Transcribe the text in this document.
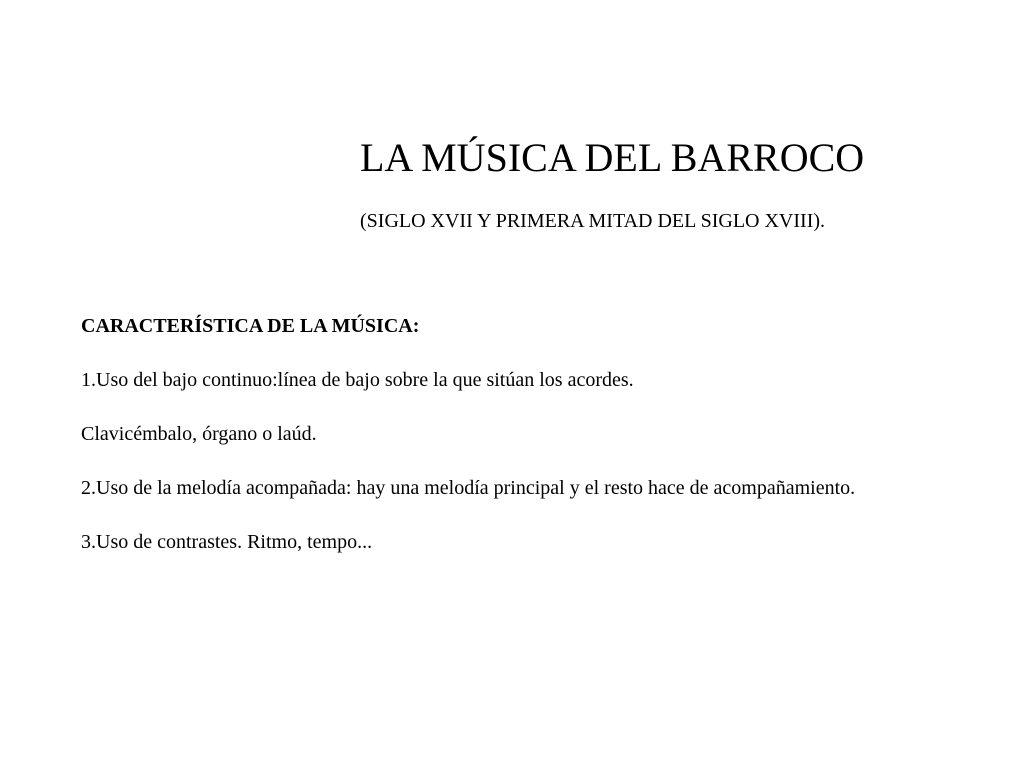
LA MÚSICA DEL BARROCO

(SIGLO XVII Y PRIMERA MITAD DEL SIGLO XVIII).

CARACTERÍSTICA DE LA MÚSICA:

1.Uso del bajo continuo:línea de bajo sobre la que sitúan los acordes.

Clavicémbalo, órgano o laúd.

2.Uso de la melodía acompañada: hay una melodía principal y el resto hace de acompañamiento.

3.Uso de contrastes. Ritmo, tempo...
